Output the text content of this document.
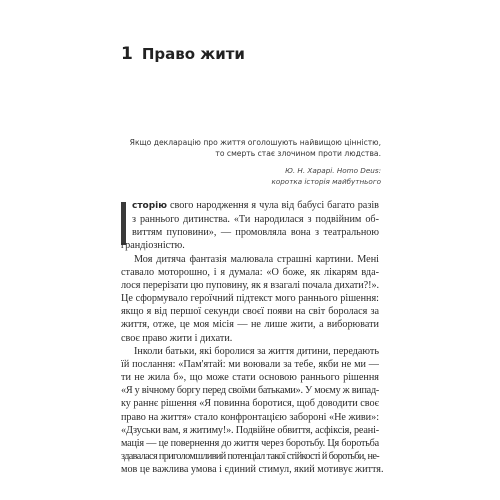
1 Право жити
Якщо декларацію про життя оголошують найвищою цінністю,
то смерть стає злочином проти людства.
Ю. Н. Харарі. Homo Deus:
коротка історія майбутнього
сторію свого народження я чула від бабусі багато разів
з раннього дитинства. «Ти народилася з подвійним об-
виттям пуповини», — промовляла вона з театральною
грандіозністю.
Моя дитяча фантазія малювала страшні картини. Мені
ставало моторошно, і я думала: «О боже, як лікарям вда-
лося перерізати цю пуповину, як я взагалі почала дихати?!».
Це сформувало героїчний підтекст мого раннього рішення:
якщо я від першої секунди своєї появи на світ боролася за
життя, отже, це моя місія — не лише жити, а виборювати
своє право жити і дихати.
Інколи батьки, які боролися за життя дитини, передають
їй послання: «Пам'ятай: ми воювали за тебе, якби не ми —
ти не жила б», що може стати основою раннього рішення
«Я у вічному боргу перед своїми батьками». У моєму ж випад-
ку раннє рішення «Я повинна боротися, щоб доводити своє
право на життя» стало конфронтацією забороні «Не живи»:
«Дзуськи вам, я житиму!». Подвійне обвиття, асфіксія, реані-
мація — це повернення до життя через боротьбу. Ця боротьба
здавалася приголомшливий потенціал такої стійкості й боротьби, не-
мов це важлива умова і єдиний стимул, який мотивує життя.
